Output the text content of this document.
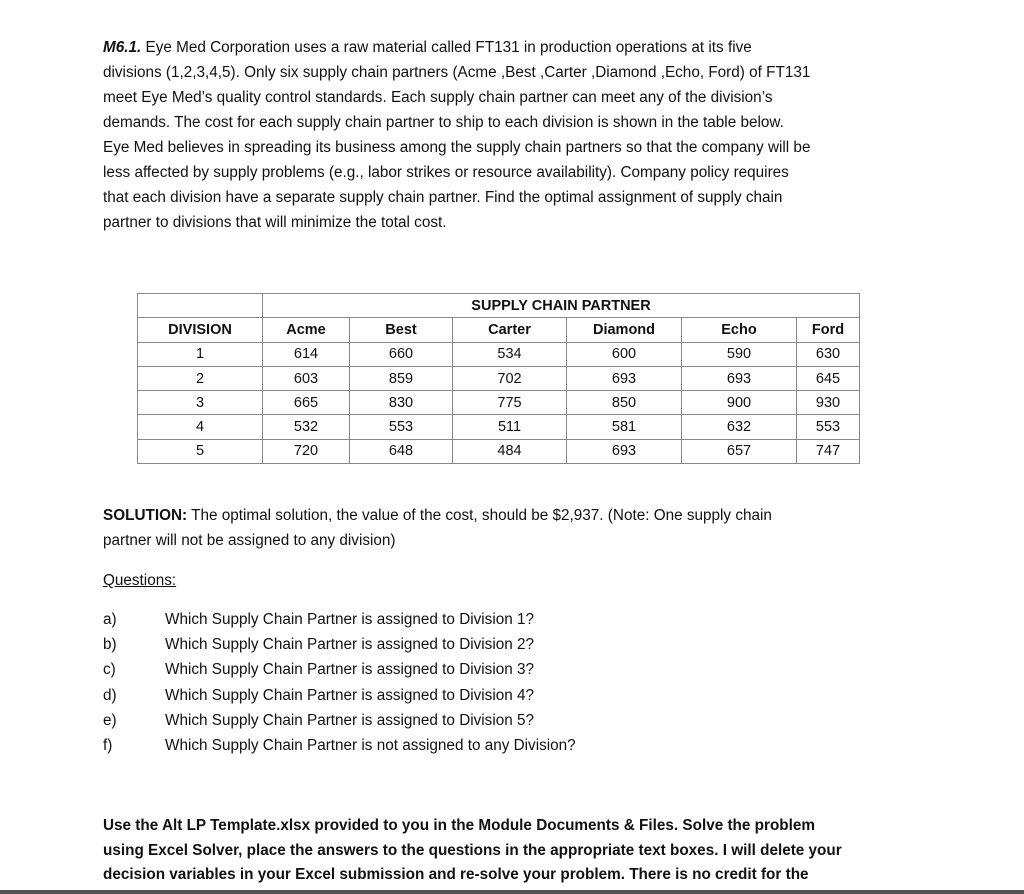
M6.1. Eye Med Corporation uses a raw material called FT131 in production operations at its five
divisions (1,2,3,4,5). Only six supply chain partners (Acme ,Best ,Carter ,Diamond ,Echo, Ford) of FT131
meet Eye Med’s quality control standards. Each supply chain partner can meet any of the division’s
demands. The cost for each supply chain partner to ship to each division is shown in the table below.
Eye Med believes in spreading its business among the supply chain partners so that the company will be
less affected by supply problems (e.g., labor strikes or resource availability). Company policy requires
that each division have a separate supply chain partner. Find the optimal assignment of supply chain
partner to divisions that will minimize the total cost.
	SUPPLY CHAIN PARTNER					
DIVISION	Acme	Best	Carter	Diamond	Echo	Ford
1	614	660	534	600	590	630
2	603	859	702	693	693	645
3	665	830	775	850	900	930
4	532	553	511	581	632	553
5	720	648	484	693	657	747
SOLUTION: The optimal solution, the value of the cost, should be $2,937. (Note: One supply chain
partner will not be assigned to any division)
Questions:
a)	Which Supply Chain Partner is assigned to Division 1?
b)	Which Supply Chain Partner is assigned to Division 2?
c)	Which Supply Chain Partner is assigned to Division 3?
d)	Which Supply Chain Partner is assigned to Division 4?
e)	Which Supply Chain Partner is assigned to Division 5?
f)	Which Supply Chain Partner is not assigned to any Division?
Use the Alt LP Template.xlsx provided to you in the Module Documents & Files. Solve the problem
using Excel Solver, place the answers to the questions in the appropriate text boxes. I will delete your
decision variables in your Excel submission and re-solve your problem. There is no credit for the
